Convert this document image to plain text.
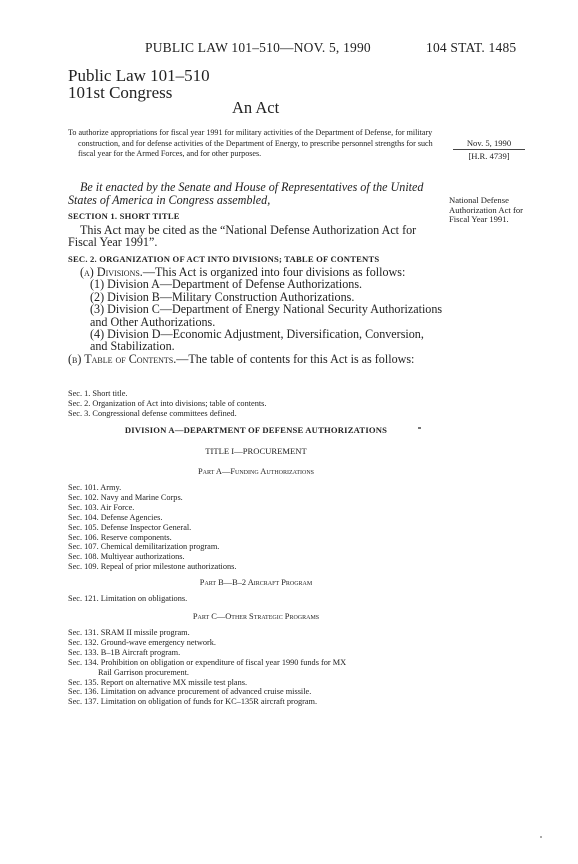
PUBLIC LAW 101–510—NOV. 5, 1990	104 STAT. 1485
Public Law 101–510
101st Congress
An Act

To authorize appropriations for fiscal year 1991 for military activities of the Department of Defense, for military construction, and for defense activities of the Department of Energy, to prescribe personnel strengths for such fiscal year for the Armed Forces, and for other purposes.

Nov. 5, 1990
[H.R. 4739]
National Defense Authorization Act for Fiscal Year 1991.
Be it enacted by the Senate and House of Representatives of the United States of America in Congress assembled,
SECTION 1. SHORT TITLE
This Act may be cited as the “National Defense Authorization Act for Fiscal Year 1991”.
SEC. 2. ORGANIZATION OF ACT INTO DIVISIONS; TABLE OF CONTENTS
(a) Divisions.—This Act is organized into four divisions as follows:
(1) Division A—Department of Defense Authorizations.
(2) Division B—Military Construction Authorizations.
(3) Division C—Department of Energy National Security Authorizations and Other Authorizations.
(4) Division D—Economic Adjustment, Diversification, Conversion, and Stabilization.
(b) Table of Contents.—The table of contents for this Act is as follows:

Sec. 1. Short title.

Sec. 2. Organization of Act into divisions; table of contents.

Sec. 3. Congressional defense committees defined.

DIVISION A—DEPARTMENT OF DEFENSE AUTHORIZATIONS
TITLE I—PROCUREMENT
Part A—Funding Authorizations

Sec. 101. Army.

Sec. 102. Navy and Marine Corps.

Sec. 103. Air Force.

Sec. 104. Defense Agencies.

Sec. 105. Defense Inspector General.

Sec. 106. Reserve components.

Sec. 107. Chemical demilitarization program.

Sec. 108. Multiyear authorizations.

Sec. 109. Repeal of prior milestone authorizations.

Part B—B–2 Aircraft Program

Sec. 121. Limitation on obligations.

Part C—Other Strategic Programs

Sec. 131. SRAM II missile program.

Sec. 132. Ground-wave emergency network.

Sec. 133. B–1B Aircraft program.

Sec. 134. Prohibition on obligation or expenditure of fiscal year 1990 funds for MX

Rail Garrison procurement.

Sec. 135. Report on alternative MX missile test plans.

Sec. 136. Limitation on advance procurement of advanced cruise missile.

Sec. 137. Limitation on obligation of funds for KC–135R aircraft program.
